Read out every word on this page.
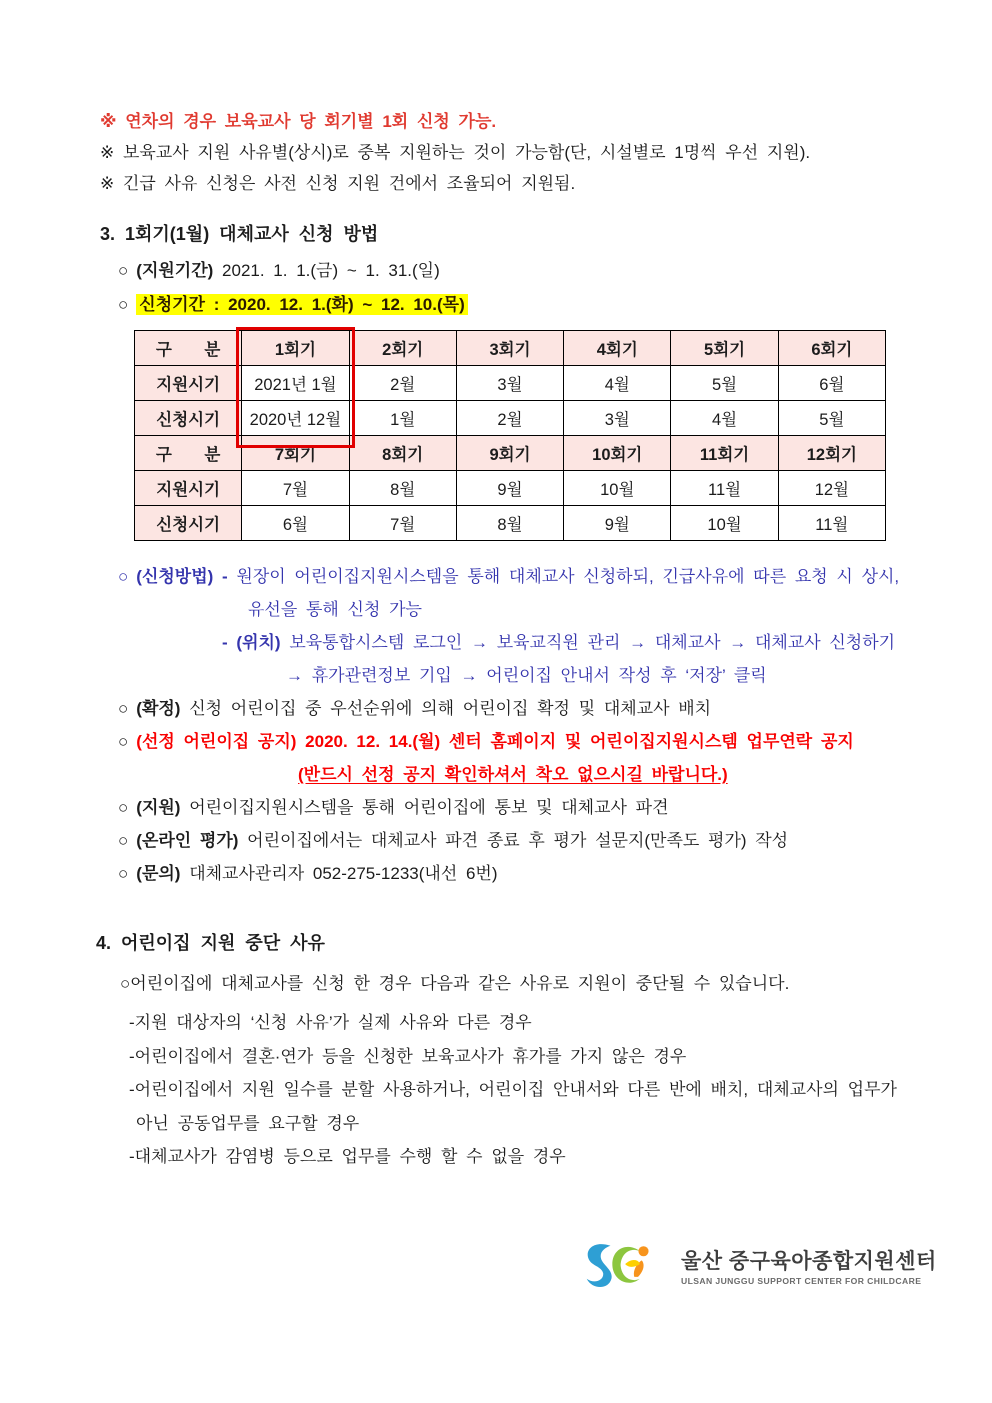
※ 연차의 경우 보육교사 당 회기별 1회 신청 가능.
※ 보육교사 지원 사유별(상시)로 중복 지원하는 것이 가능함(단, 시설별로 1명씩 우선 지원).
※ 긴급 사유 신청은 사전 신청 지원 건에서 조율되어 지원됨.
3. 1회기(1월) 대체교사 신청 방법
○ (지원기간) 2021. 1. 1.(금) ~ 1. 31.(일)
○ 신청기간 : 2020. 12. 1.(화) ~ 12. 10.(목)
구 분	1회기	2회기	3회기	4회기	5회기	6회기
지원시기	2021년 1월	2월	3월	4월	5월	6월
신청시기	2020년 12월	1월	2월	3월	4월	5월
구 분	7회기	8회기	9회기	10회기	11회기	12회기
지원시기	7월	8월	9월	10월	11월	12월
신청시기	6월	7월	8월	9월	10월	11월
○ (신청방법) - 원장이 어린이집지원시스템을 통해 대체교사 신청하되, 긴급사유에 따른 요청 시 상시,
유선을 통해 신청 가능
- (위치) 보육통합시스템 로그인 → 보육교직원 관리 → 대체교사 → 대체교사 신청하기
→ 휴가관련정보 기입 → 어린이집 안내서 작성 후 ‘저장’ 클릭
○ (확정) 신청 어린이집 중 우선순위에 의해 어린이집 확정 및 대체교사 배치
○ (선정 어린이집 공지) 2020. 12. 14.(월) 센터 홈페이지 및 어린이집지원시스템 업무연락 공지
(반드시 선정 공지 확인하셔서 착오 없으시길 바랍니다.)
○ (지원) 어린이집지원시스템을 통해 어린이집에 통보 및 대체교사 파견
○ (온라인 평가) 어린이집에서는 대체교사 파견 종료 후 평가 설문지(만족도 평가) 작성
○ (문의) 대체교사관리자 052-275-1233(내선 6번)
4. 어린이집 지원 중단 사유
○어린이집에 대체교사를 신청 한 경우 다음과 같은 사유로 지원이 중단될 수 있습니다.
-지원 대상자의 ‘신청 사유’가 실제 사유와 다른 경우
-어린이집에서 결혼·연가 등을 신청한 보육교사가 휴가를 가지 않은 경우
-어린이집에서 지원 일수를 분할 사용하거나, 어린이집 안내서와 다른 반에 배치, 대체교사의 업무가
아닌 공동업무를 요구할 경우
-대체교사가 감염병 등으로 업무를 수행 할 수 없을 경우
울산 중구육아종합지원센터
ULSAN JUNGGU SUPPORT CENTER FOR CHILDCARE
